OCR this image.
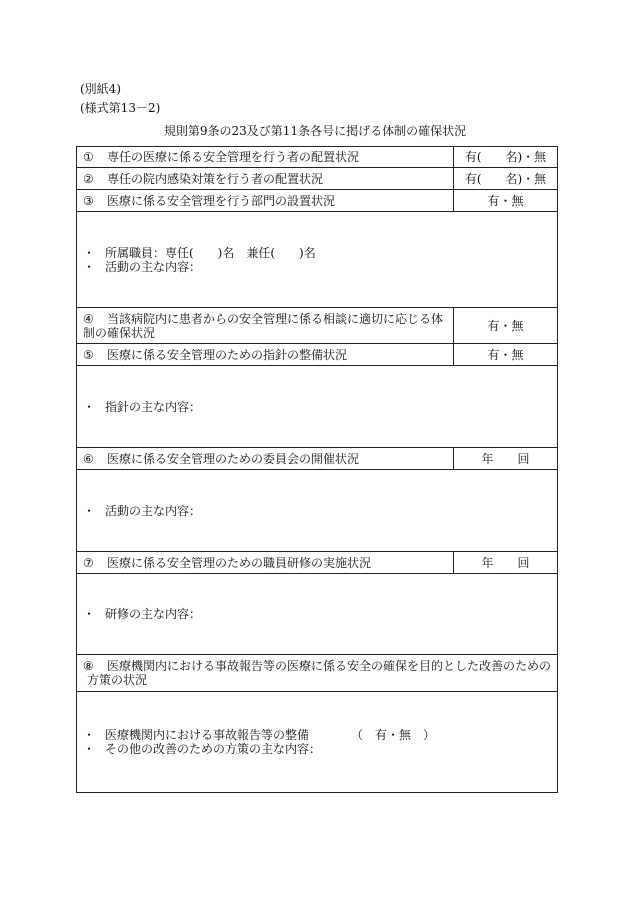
(別紙4)
(様式第13－2)
規則第9条の23及び第11条各号に掲げる体制の確保状況
① 専任の医療に係る安全管理を行う者の配置状況	有(　　名)・無
② 専任の院内感染対策を行う者の配置状況	有(　　名)・無
③ 医療に係る安全管理を行う部門の設置状況	有・無

・ 所属職員：専任(　　)名　兼任(　　)名
・ 活動の主な内容：	

④ 当該病院内に患者からの安全管理に係る相談に適切に応じる体
制の確保状況	有・無
⑤ 医療に係る安全管理のための指針の整備状況	有・無

・ 指針の主な内容：	

⑥ 医療に係る安全管理のための委員会の開催状況	年　　回

・ 活動の主な内容：	

⑦ 医療に係る安全管理のための職員研修の実施状況	年　　回

・ 研修の主な内容：	

⑧ 医療機関内における事故報告等の医療に係る安全の確保を目的とした改善のための
方策の状況	

・ 医療機関内における事故報告等の整備　　　　（　有・無　）
・ その他の改善のための方策の主な内容：	
